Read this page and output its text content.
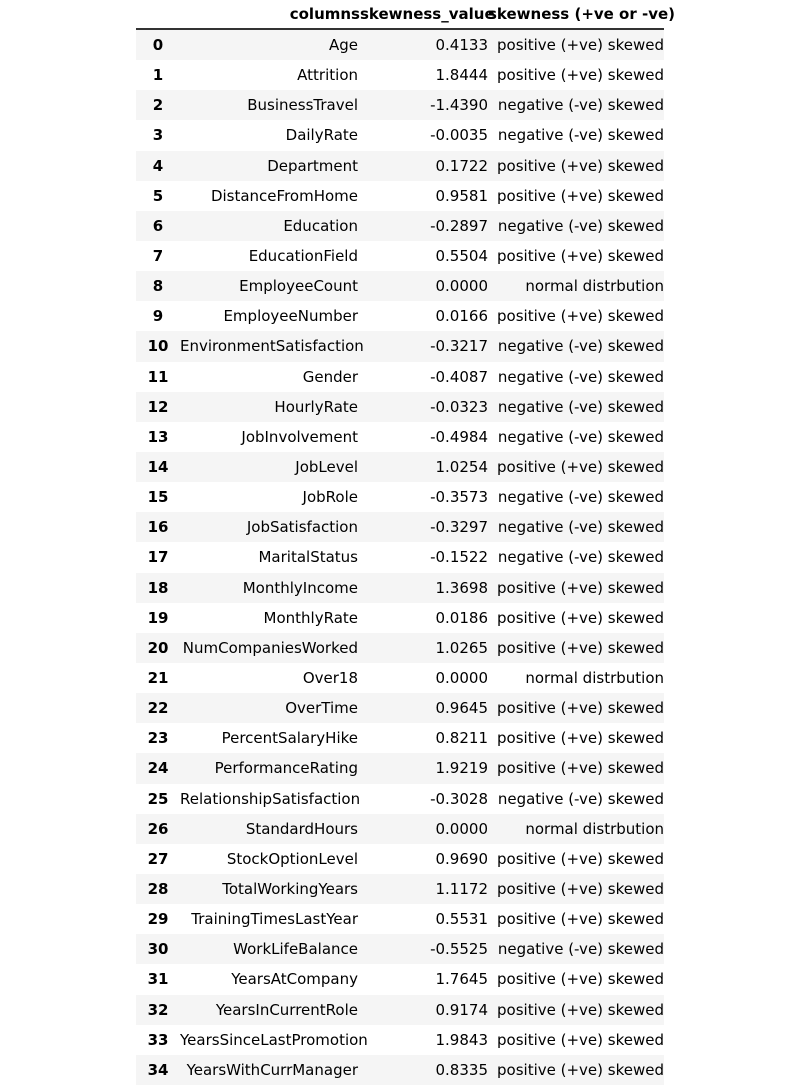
	columns	skewness_value	skewness (+ve or -ve)
0	Age	0.4133	positive (+ve) skewed
1	Attrition	1.8444	positive (+ve) skewed
2	BusinessTravel	-1.4390	negative (-ve) skewed
3	DailyRate	-0.0035	negative (-ve) skewed
4	Department	0.1722	positive (+ve) skewed
5	DistanceFromHome	0.9581	positive (+ve) skewed
6	Education	-0.2897	negative (-ve) skewed
7	EducationField	0.5504	positive (+ve) skewed
8	EmployeeCount	0.0000	normal distrbution
9	EmployeeNumber	0.0166	positive (+ve) skewed
10	EnvironmentSatisfaction	-0.3217	negative (-ve) skewed
11	Gender	-0.4087	negative (-ve) skewed
12	HourlyRate	-0.0323	negative (-ve) skewed
13	JobInvolvement	-0.4984	negative (-ve) skewed
14	JobLevel	1.0254	positive (+ve) skewed
15	JobRole	-0.3573	negative (-ve) skewed
16	JobSatisfaction	-0.3297	negative (-ve) skewed
17	MaritalStatus	-0.1522	negative (-ve) skewed
18	MonthlyIncome	1.3698	positive (+ve) skewed
19	MonthlyRate	0.0186	positive (+ve) skewed
20	NumCompaniesWorked	1.0265	positive (+ve) skewed
21	Over18	0.0000	normal distrbution
22	OverTime	0.9645	positive (+ve) skewed
23	PercentSalaryHike	0.8211	positive (+ve) skewed
24	PerformanceRating	1.9219	positive (+ve) skewed
25	RelationshipSatisfaction	-0.3028	negative (-ve) skewed
26	StandardHours	0.0000	normal distrbution
27	StockOptionLevel	0.9690	positive (+ve) skewed
28	TotalWorkingYears	1.1172	positive (+ve) skewed
29	TrainingTimesLastYear	0.5531	positive (+ve) skewed
30	WorkLifeBalance	-0.5525	negative (-ve) skewed
31	YearsAtCompany	1.7645	positive (+ve) skewed
32	YearsInCurrentRole	0.9174	positive (+ve) skewed
33	YearsSinceLastPromotion	1.9843	positive (+ve) skewed
34	YearsWithCurrManager	0.8335	positive (+ve) skewed
